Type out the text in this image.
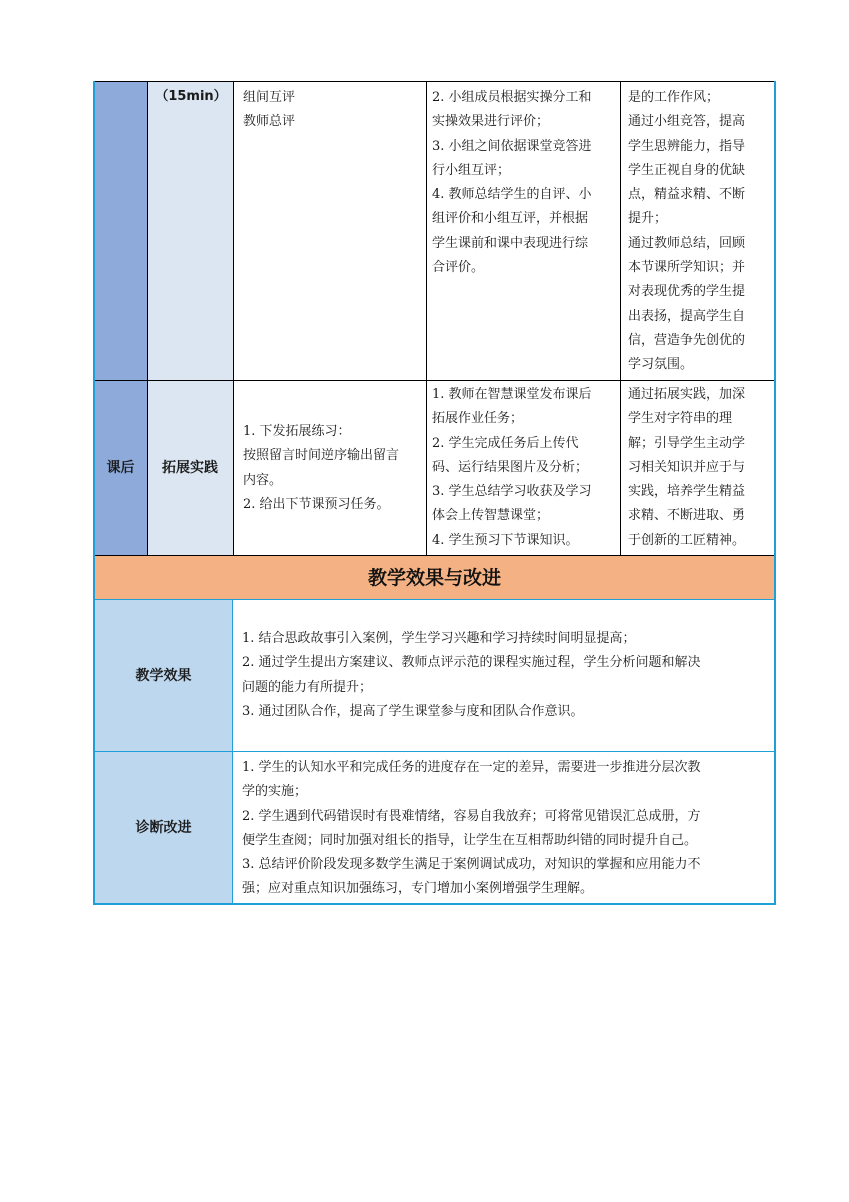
（15min）	组间互评
教师总评
2. 小组成员根据实操分工和
实操效果进行评价；
3. 小组之间依据课堂竞答进
行小组互评；
4. 教师总结学生的自评、小
组评价和小组互评，并根据
学生课前和课中表现进行综
合评价。
是的工作作风；
通过小组竞答，提高
学生思辨能力，指导
学生正视自身的优缺
点，精益求精、不断
提升；
通过教师总结，回顾
本节课所学知识；并
对表现优秀的学生提
出表扬，提高学生自
信，营造争先创优的
学习氛围。
课后	拓展实践
1. 下发拓展练习：
按照留言时间逆序输出留言
内容。
2. 给出下节课预习任务。
1. 教师在智慧课堂发布课后
拓展作业任务；
2. 学生完成任务后上传代
码、运行结果图片及分析；
3. 学生总结学习收获及学习
体会上传智慧课堂；
4. 学生预习下节课知识。
通过拓展实践，加深
学生对字符串的理
解；引导学生主动学
习相关知识并应于与
实践，培养学生精益
求精、不断进取、勇
于创新的工匠精神。
教学效果与改进
教学效果
1. 结合思政故事引入案例，学生学习兴趣和学习持续时间明显提高；
2. 通过学生提出方案建议、教师点评示范的课程实施过程，学生分析问题和解决
问题的能力有所提升；
3. 通过团队合作，提高了学生课堂参与度和团队合作意识。
诊断改进
1. 学生的认知水平和完成任务的进度存在一定的差异，需要进一步推进分层次教
学的实施；
2. 学生遇到代码错误时有畏难情绪，容易自我放弃；可将常见错误汇总成册，方
便学生查阅；同时加强对组长的指导，让学生在互相帮助纠错的同时提升自己。
3. 总结评价阶段发现多数学生满足于案例调试成功，对知识的掌握和应用能力不
强；应对重点知识加强练习，专门增加小案例增强学生理解。
